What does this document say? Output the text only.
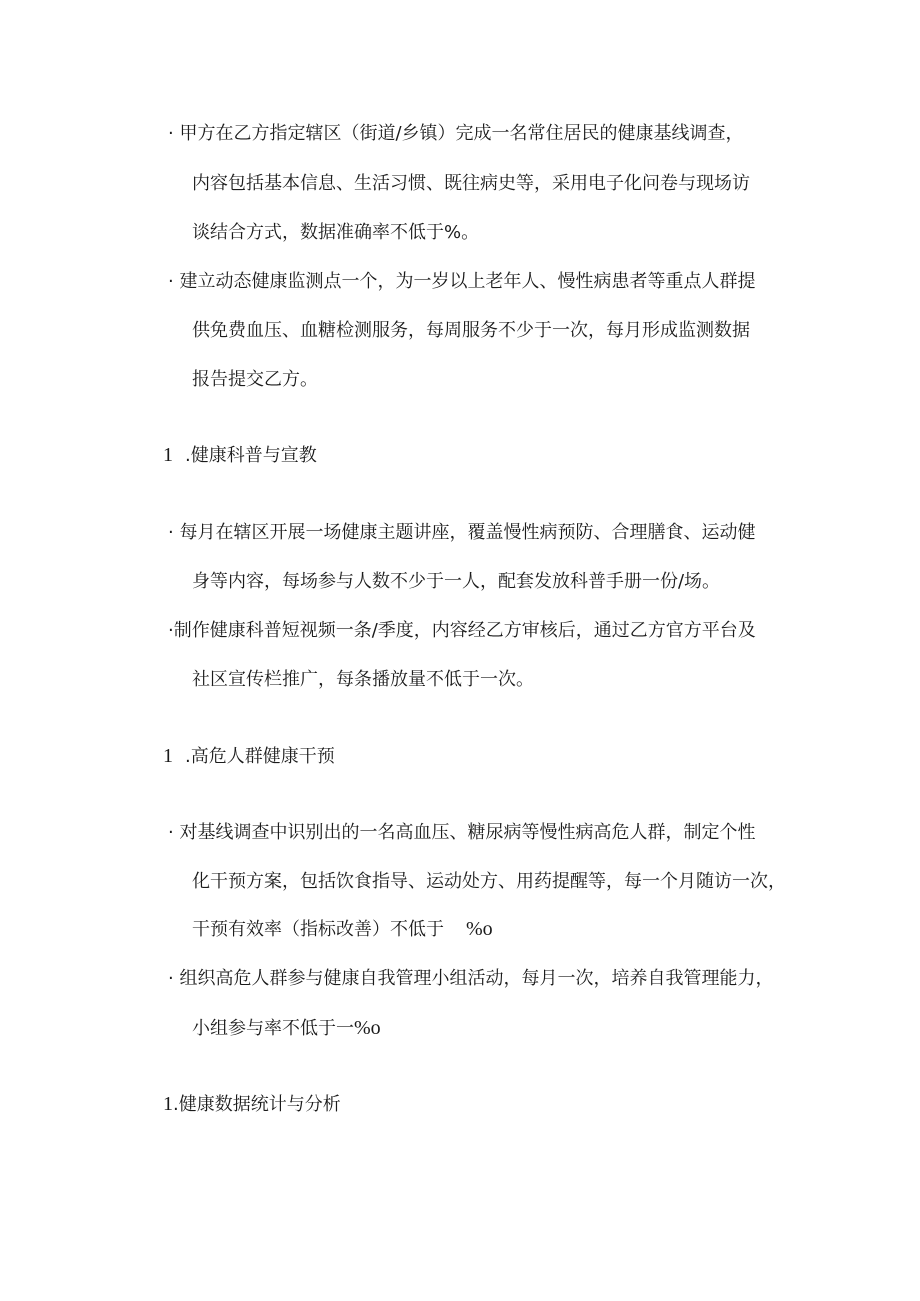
· 甲方在乙方指定辖区（街道/乡镇）完成一名常住居民的健康基线调查，
内容包括基本信息、生活习惯、既往病史等，采用电子化问卷与现场访
谈结合方式，数据准确率不低于%。
· 建立动态健康监测点一个，为一岁以上老年人、慢性病患者等重点人群提
供免费血压、血糖检测服务，每周服务不少于一次，每月形成监测数据
报告提交乙方。
1 .健康科普与宣教
· 每月在辖区开展一场健康主题讲座，覆盖慢性病预防、合理膳食、运动健
身等内容，每场参与人数不少于一人，配套发放科普手册一份/场。
·制作健康科普短视频一条/季度，内容经乙方审核后，通过乙方官方平台及
社区宣传栏推广，每条播放量不低于一次。
1 .高危人群健康干预
· 对基线调查中识别出的一名高血压、糖尿病等慢性病高危人群，制定个性
化干预方案，包括饮食指导、运动处方、用药提醒等，每一个月随访一次，
干预有效率（指标改善）不低于 %o
· 组织高危人群参与健康自我管理小组活动，每月一次，培养自我管理能力，
小组参与率不低于一%o
1.健康数据统计与分析
